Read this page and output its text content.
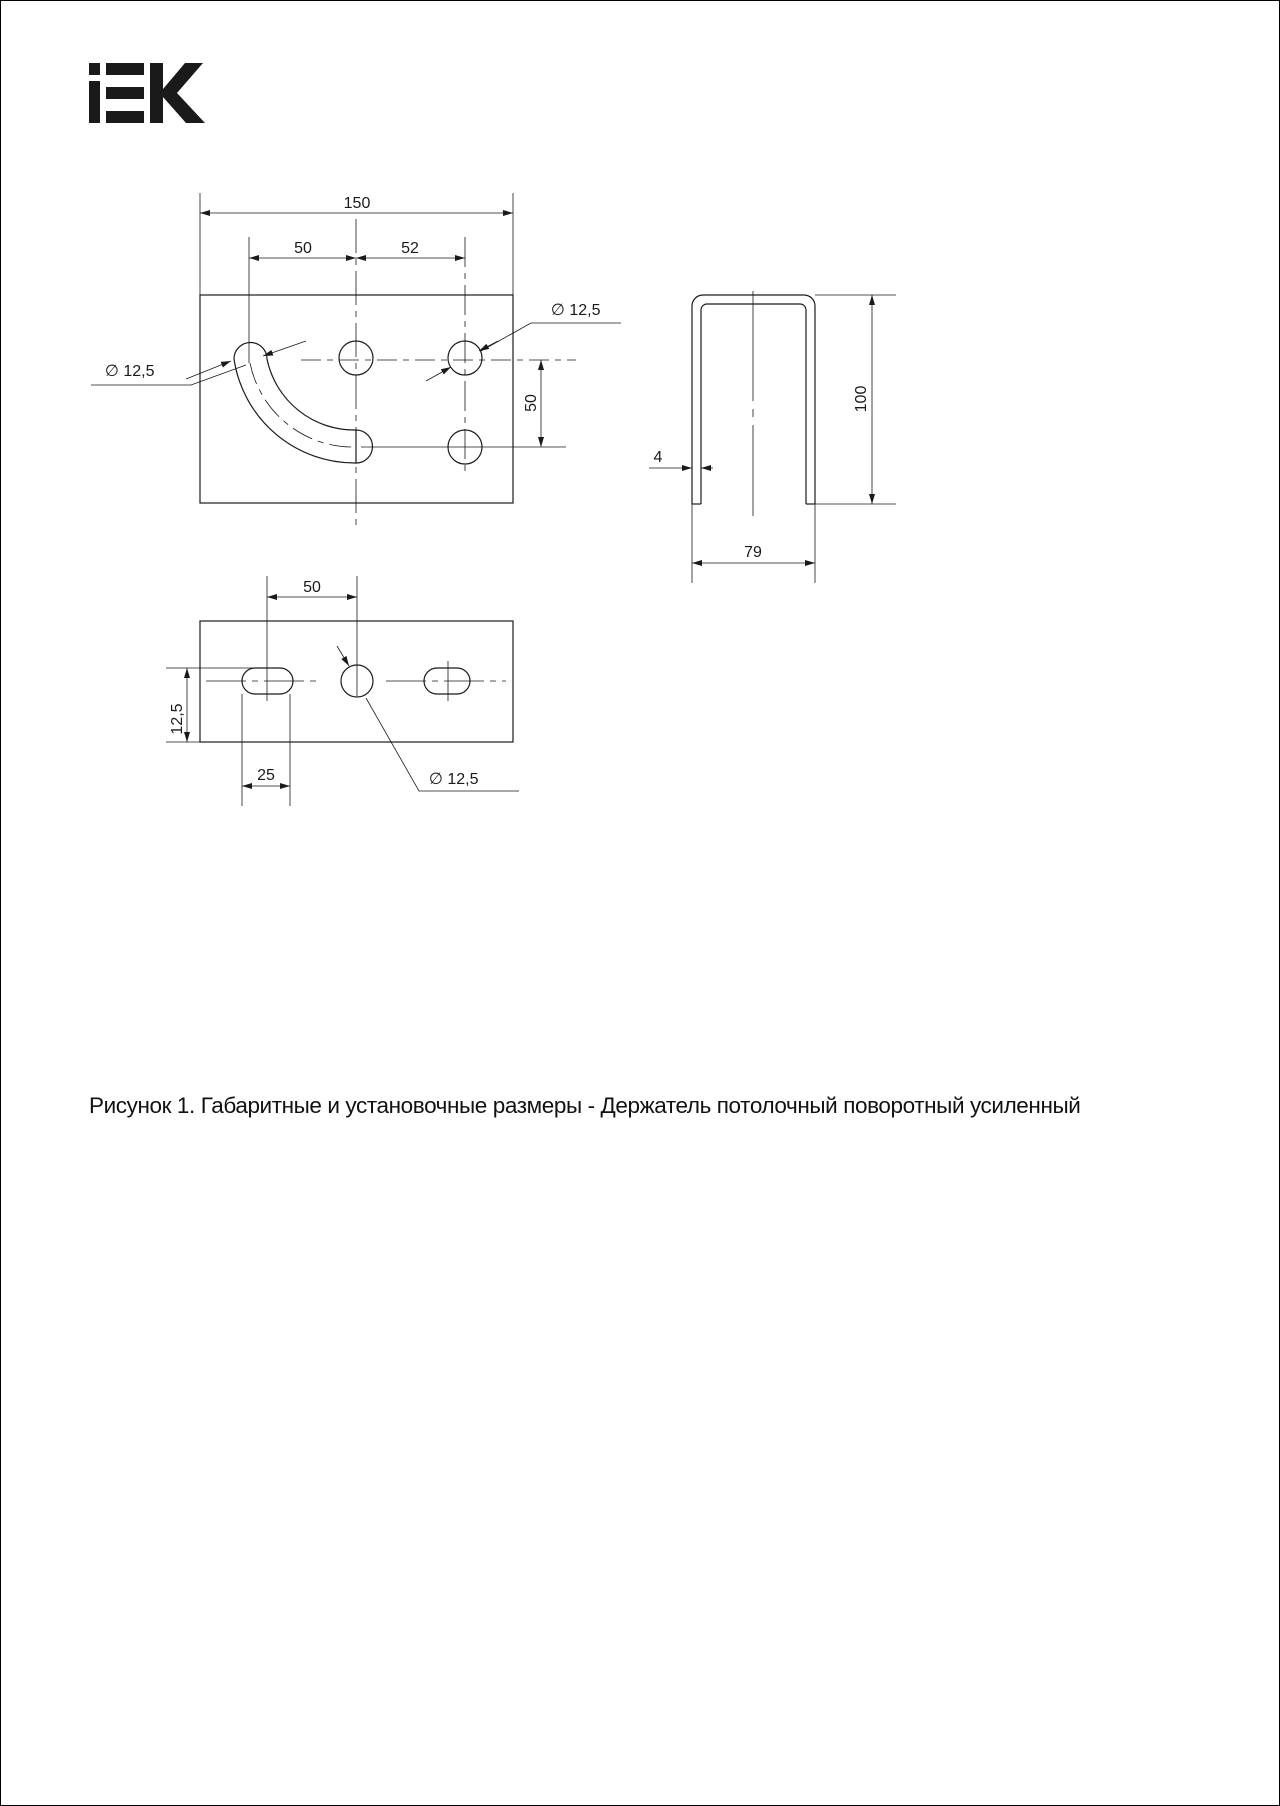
150
50	52
50
∅ 12,5
∅ 12,5
100
4
79
50
12,5
25	∅ 12,5
Рисунок 1. Габаритные и установочные размеры - Держатель потолочный поворотный усиленный
